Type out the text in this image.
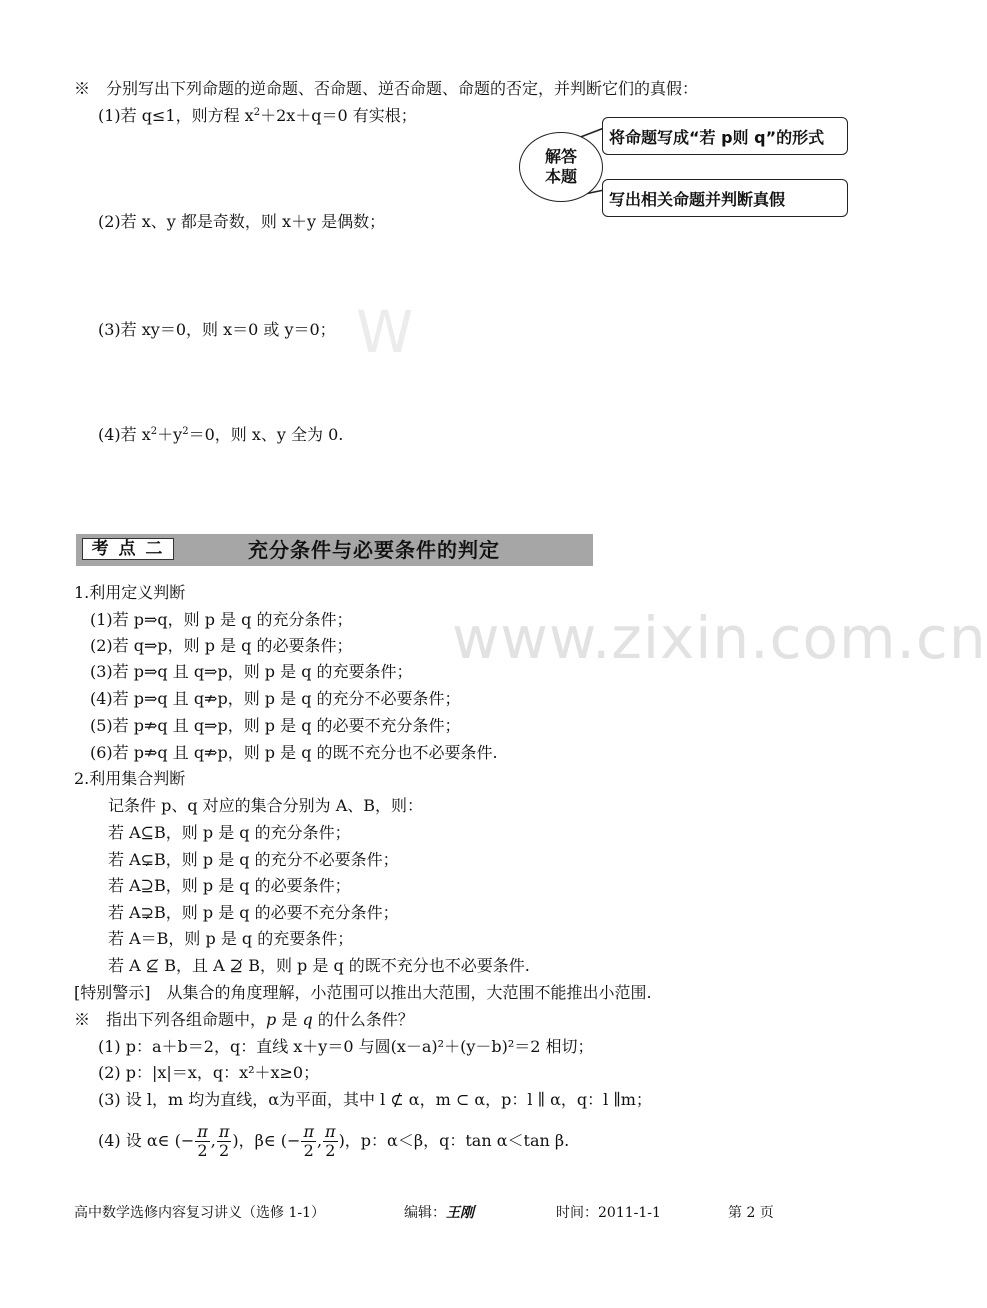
W
www.zixin.com.cn
※　分别写出下列命题的逆命题、否命题、逆否命题、命题的否定，并判断它们的真假：
(1)若 q≤1，则方程 $x^2+2x+q=0$ 有实根；
(2)若 x、y 都是奇数，则 x＋y 是偶数；
(3)若 xy＝0，则 x＝0 或 y＝0；
(4)若 $x^2+y^2=0$，则 x、y 全为 0.
解答
本题
将命题写成“若 p则 q”的形式
写出相关命题并判断真假
考 点 二	充分条件与必要条件的判定
1.利用定义判断
(1)若 p⇒q，则 p 是 q 的充分条件；
(2)若 q⇒p，则 p 是 q 的必要条件；
(3)若 p⇒q 且 q⇒p，则 p 是 q 的充要条件；
(4)若 p⇒q 且 q⇏p，则 p 是 q 的充分不必要条件；
(5)若 p⇏q 且 q⇒p，则 p 是 q 的必要不充分条件；
(6)若 p⇏q 且 q⇏p，则 p 是 q 的既不充分也不必要条件.
2.利用集合判断
记条件 p、q 对应的集合分别为 A、B，则：
若 A⊆B，则 p 是 q 的充分条件；
若 A⊊B，则 p 是 q 的充分不必要条件；
若 A⊇B，则 p 是 q 的必要条件；
若 A⊋B，则 p 是 q 的必要不充分条件；
若 A＝B，则 p 是 q 的充要条件；
若 A ⊈ B，且 A ⊉ B，则 p 是 q 的既不充分也不必要条件.
[特别警示]　从集合的角度理解，小范围可以推出大范围，大范围不能推出小范围.
※　指出下列各组命题中，p 是 q 的什么条件？
(1) p：a＋b＝2，q：直线 x＋y＝0 与圆(x－a)²＋(y－b)²＝2 相切；
(2) p：|x|＝x，q：x²＋x≥0；
(3) 设 l，m 均为直线，α为平面，其中 l ⊄ α，m ⊂ α，p：l ∥ α，q：l ∥m；
(4) 设 α∈ (− $\frac{\pi}{2}$ , $\frac{\pi}{2}$ )，β∈ (− $\frac{\pi}{2}$ , $\frac{\pi}{2}$ )，p：α＜β，q：tan α＜tan β.
高中数学选修内容复习讲义（选修 1-1）	编辑：王刚	时间：2011-1-1	第 2 页
